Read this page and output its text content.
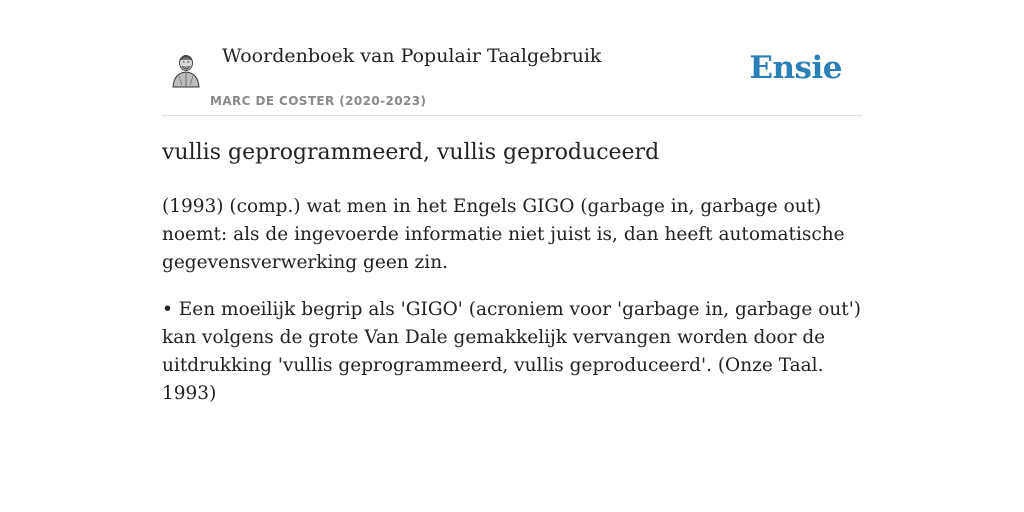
Woordenboek van Populair Taalgebruik
MARC DE COSTER (2020-2023)
Ensie
vullis geprogrammeerd, vullis geproduceerd

(1993) (comp.) wat men in het Engels GIGO (garbage in, garbage out) noemt: als de ingevoerde informatie niet juist is, dan heeft automatische gegevensverwerking geen zin.

• Een moeilijk begrip als 'GIGO' (acroniem voor 'garbage in, garbage out') kan volgens de grote Van Dale gemakkelijk vervangen worden door de uitdrukking 'vullis geprogrammeerd, vullis geproduceerd'. (Onze Taal. 1993)
